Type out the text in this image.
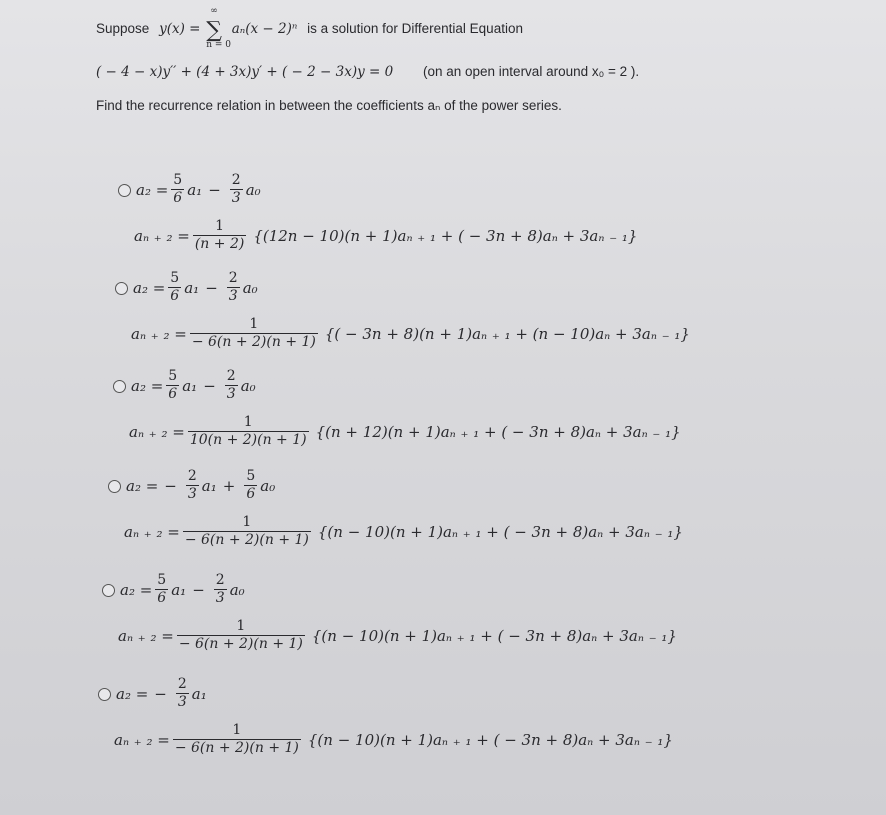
Suppose y(x) = ∑
∞
n = 0
aₙ(x − 2)ⁿ is a solution for Differential Equation
( − 4 − x)y′′ + (4 + 3x)y′ + ( − 2 − 3x)y = 0 (on an open interval around x₀ = 2 ).
Find the recurrence relation in between the coefficients aₙ of the power series.
$a_2 = \frac{5}{6} a_1 - \frac{2}{3} a_0$
aₙ ₊ $_2 = \frac{1}{(n + 2)} \{(12n - 10)(n + 1)a_n$ ₊ ₁ + ( − 3n + 8)aₙ + 3aₙ ₋ ₁}
$a_2 = \frac{5}{6} a_1 - \frac{2}{3} a_0$
aₙ ₊ $_2 = \frac{1}{- 6(n + 2)(n + 1)}$ {( − 3n + 8)(n + 1)aₙ ₊ ₁ + (n − 10)aₙ + 3aₙ ₋ ₁}
$a_2 = \frac{5}{6} a_1 - \frac{2}{3} a_0$
aₙ ₊ $_2 = \frac{1}{10(n + 2)(n + 1)} \{(n + 12)(n + 1)a_n$ ₊ ₁ + ( − 3n + 8)aₙ + 3aₙ ₋ ₁}
a₂ = − $\frac{2}{3} a_1 + \frac{5}{6} a_0$
aₙ ₊ $_2 = \frac{1}{- 6(n + 2)(n + 1)} \{(n - 10)(n + 1)a_n$ ₊ ₁ + ( − 3n + 8)aₙ + 3aₙ ₋ ₁}
$a_2 = \frac{5}{6} a_1 - \frac{2}{3} a_0$
aₙ ₊ $_2 = \frac{1}{- 6(n + 2)(n + 1)} \{(n - 10)(n + 1)a_n$ ₊ ₁ + ( − 3n + 8)aₙ + 3aₙ ₋ ₁}
a₂ = − $\frac{2}{3} a_1$
aₙ ₊ $_2 = \frac{1}{- 6(n + 2)(n + 1)} \{(n - 10)(n + 1)a_n$ ₊ ₁ + ( − 3n + 8)aₙ + 3aₙ ₋ ₁}
